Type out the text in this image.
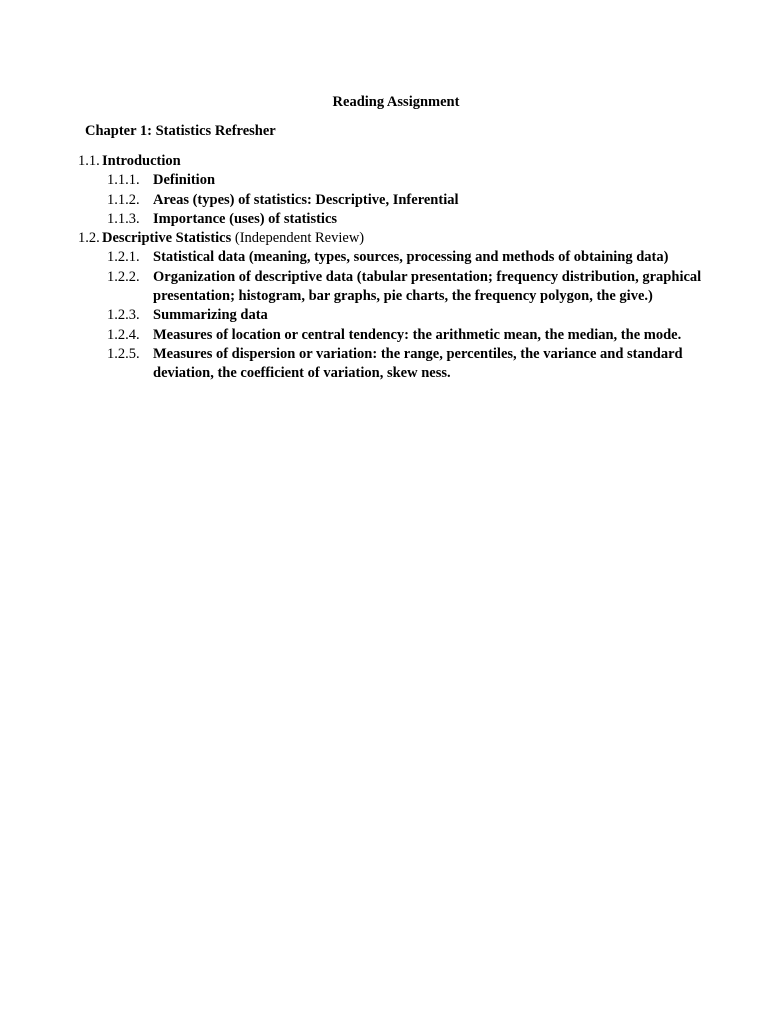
Reading Assignment
Chapter 1: Statistics Refresher
1.1. Introduction
1.1.1. Definition
1.1.2. Areas (types) of statistics: Descriptive, Inferential
1.1.3. Importance (uses) of statistics
1.2. Descriptive Statistics (Independent Review)
1.2.1. Statistical data (meaning, types, sources, processing and methods of obtaining data)
1.2.2. Organization of descriptive data (tabular presentation; frequency distribution, graphical presentation; histogram, bar graphs, pie charts, the frequency polygon, the give.)
1.2.3. Summarizing data
1.2.4. Measures of location or central tendency: the arithmetic mean, the median, the mode.
1.2.5. Measures of dispersion or variation: the range, percentiles, the variance and standard deviation, the coefficient of variation, skew ness.
